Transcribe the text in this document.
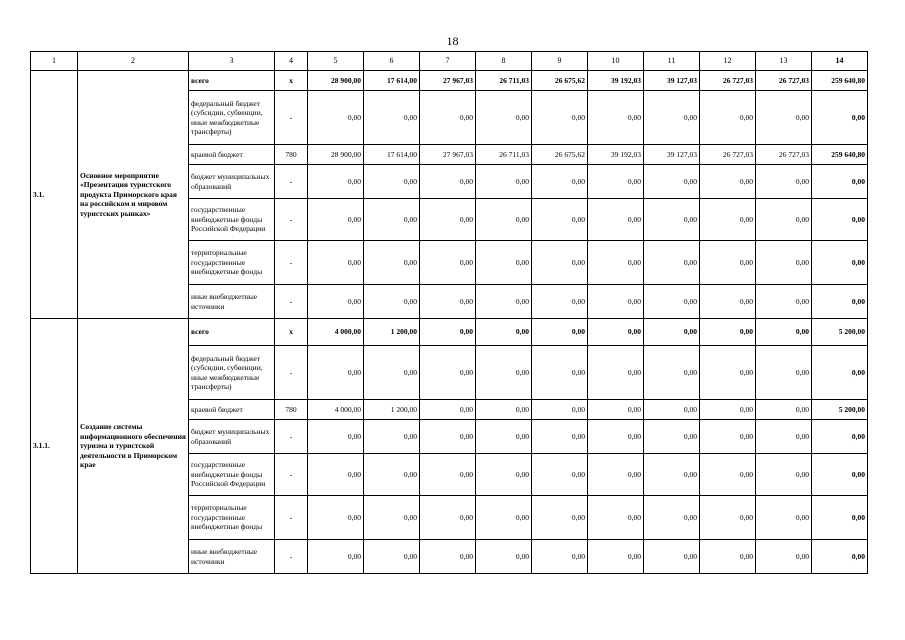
18
1	2	3	4	5	6	7	8	9	10	11	12	13	14
3.1.	Основное мероприятие «Презентация туристского продукта Приморского края на российском и мировом туристских рынках»	всего	х	28 900,00	17 614,00	27 967,03	26 711,03	26 675,62	39 192,03	39 127,03	26 727,03	26 727,03	259 640,80
		федеральный бюджет (субсидии, субвенции, иные межбюджетные трансферты)	-	0,00	0,00	0,00	0,00	0,00	0,00	0,00	0,00	0,00	0,00
		краевой бюджет	780	28 900,00	17 614,00	27 967,03	26 711,03	26 675,62	39 192,03	39 127,03	26 727,03	26 727,03	259 640,80
		бюджет муниципальных образований	-	0,00	0,00	0,00	0,00	0,00	0,00	0,00	0,00	0,00	0,00
		государственные внебюджетные фонды Российской Федерации	-	0,00	0,00	0,00	0,00	0,00	0,00	0,00	0,00	0,00	0,00
		территориальные государственные внебюджетные фонды	-	0,00	0,00	0,00	0,00	0,00	0,00	0,00	0,00	0,00	0,00
		иные внебюджетные источники	-	0,00	0,00	0,00	0,00	0,00	0,00	0,00	0,00	0,00	0,00
3.1.1.	Создание системы информационного обеспечения туризма и туристской деятельности в Приморском крае	всего	х	4 000,00	1 200,00	0,00	0,00	0,00	0,00	0,00	0,00	0,00	5 200,00
		федеральный бюджет (субсидии, субвенции, иные межбюджетные трансферты)	-	0,00	0,00	0,00	0,00	0,00	0,00	0,00	0,00	0,00	0,00
		краевой бюджет	780	4 000,00	1 200,00	0,00	0,00	0,00	0,00	0,00	0,00	0,00	5 200,00
		бюджет муниципальных образований	-	0,00	0,00	0,00	0,00	0,00	0,00	0,00	0,00	0,00	0,00
		государственные внебюджетные фонды Российской Федерации	-	0,00	0,00	0,00	0,00	0,00	0,00	0,00	0,00	0,00	0,00
		территориальные государственные внебюджетные фонды	-	0,00	0,00	0,00	0,00	0,00	0,00	0,00	0,00	0,00	0,00
		иные внебюджетные источники	-	0,00	0,00	0,00	0,00	0,00	0,00	0,00	0,00	0,00	0,00
